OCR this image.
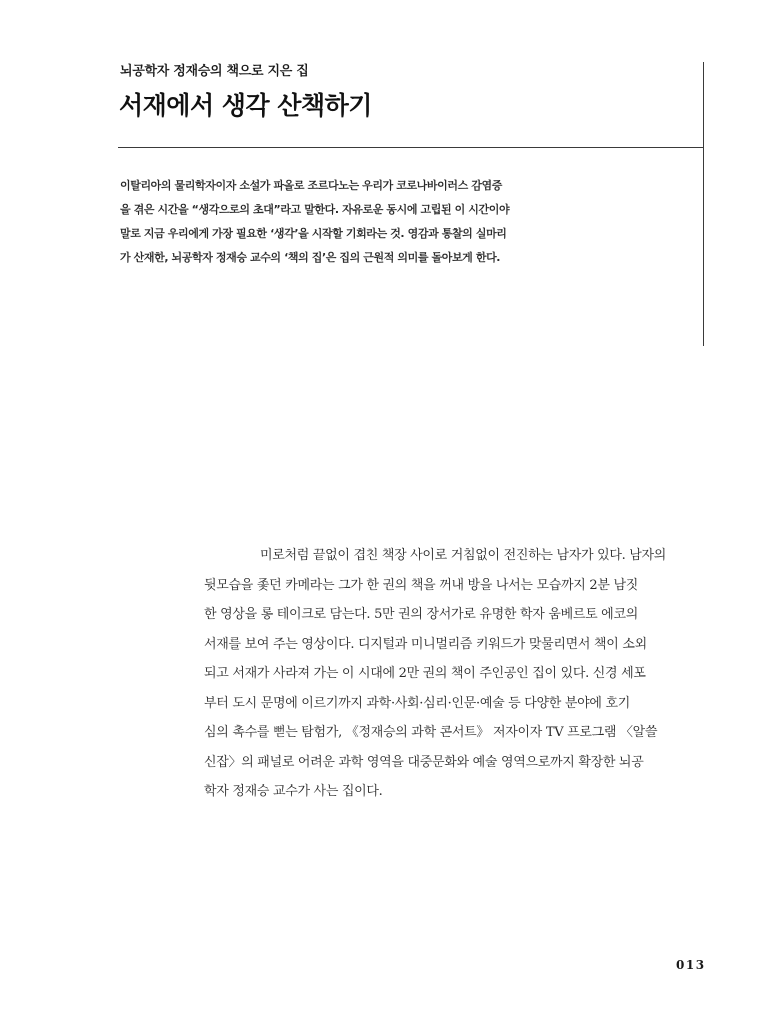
뇌공학자 정재승의 책으로 지은 집
서재에서 생각 산책하기
이탈리아의 물리학자이자 소설가 파올로 조르다노는 우리가 코로나바이러스 감염증
을 겪은 시간을 “생각으로의 초대”라고 말한다. 자유로운 동시에 고립된 이 시간이야
말로 지금 우리에게 가장 필요한 ‘생각’을 시작할 기회라는 것. 영감과 통찰의 실마리
가 산재한, 뇌공학자 정재승 교수의 ‘책의 집’은 집의 근원적 의미를 돌아보게 한다.
미로처럼 끝없이 겹친 책장 사이로 거침없이 전진하는 남자가 있다. 남자의
뒷모습을 좇던 카메라는 그가 한 권의 책을 꺼내 방을 나서는 모습까지 2분 남짓
한 영상을 롱 테이크로 담는다. 5만 권의 장서가로 유명한 학자 움베르토 에코의
서재를 보여 주는 영상이다. 디지털과 미니멀리즘 키워드가 맞물리면서 책이 소외
되고 서재가 사라져 가는 이 시대에 2만 권의 책이 주인공인 집이 있다. 신경 세포
부터 도시 문명에 이르기까지 과학·사회·심리·인문·예술 등 다양한 분야에 호기
심의 촉수를 뻗는 탐험가, 《정재승의 과학 콘서트》 저자이자 TV 프로그램 〈알쓸
신잡〉의 패널로 어려운 과학 영역을 대중문화와 예술 영역으로까지 확장한 뇌공
학자 정재승 교수가 사는 집이다.
013
